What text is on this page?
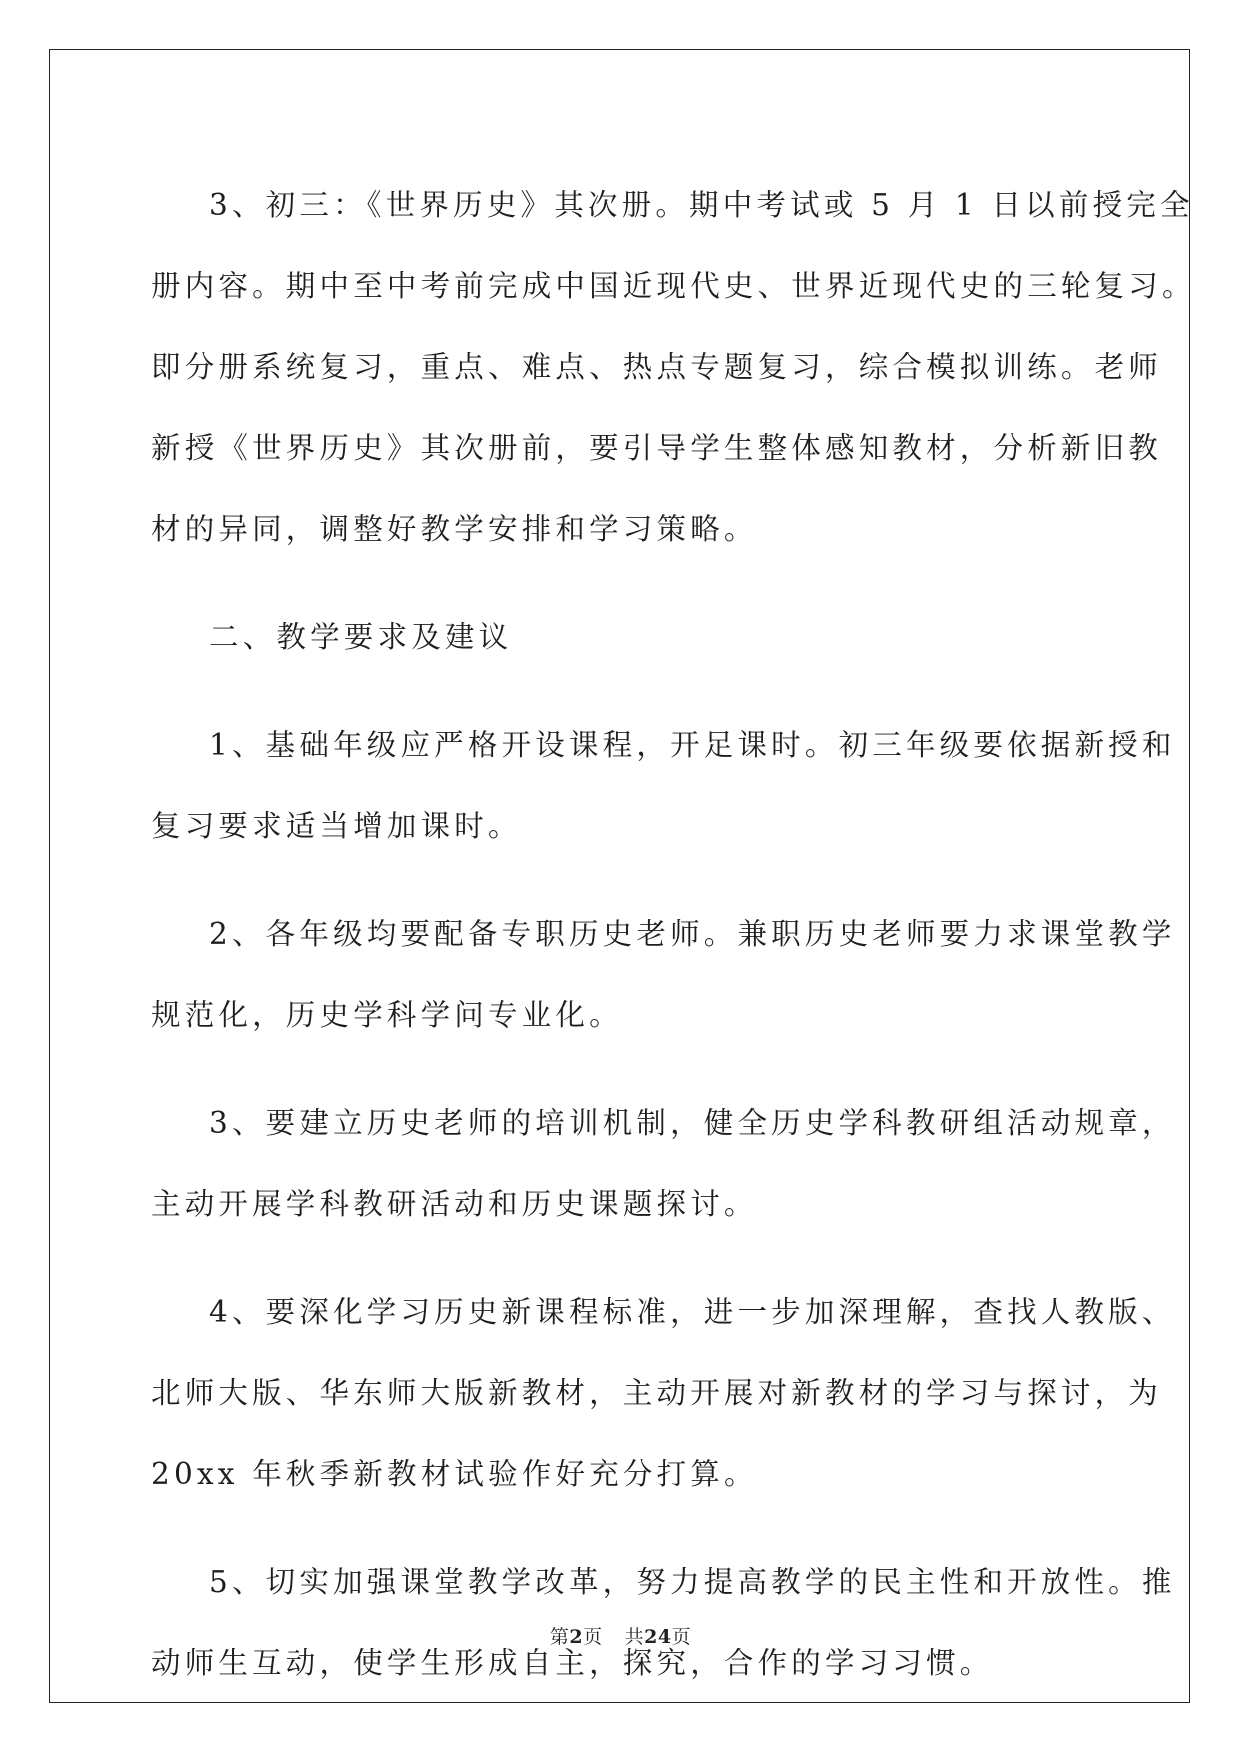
3、初三：《世界历史》其次册。期中考试或 5 月 1 日以前授完全
册内容。期中至中考前完成中国近现代史、世界近现代史的三轮复习。
即分册系统复习，重点、难点、热点专题复习，综合模拟训练。老师
新授《世界历史》其次册前，要引导学生整体感知教材，分析新旧教
材的异同，调整好教学安排和学习策略。
二、教学要求及建议
1、基础年级应严格开设课程，开足课时。初三年级要依据新授和
复习要求适当增加课时。
2、各年级均要配备专职历史老师。兼职历史老师要力求课堂教学
规范化，历史学科学问专业化。
3、要建立历史老师的培训机制，健全历史学科教研组活动规章，
主动开展学科教研活动和历史课题探讨。
4、要深化学习历史新课程标准，进一步加深理解，查找人教版、
北师大版、华东师大版新教材，主动开展对新教材的学习与探讨，为
20xx 年秋季新教材试验作好充分打算。
5、切实加强课堂教学改革，努力提高教学的民主性和开放性。推
动师生互动，使学生形成自主，探究，合作的学习习惯。
第2页 共24页
